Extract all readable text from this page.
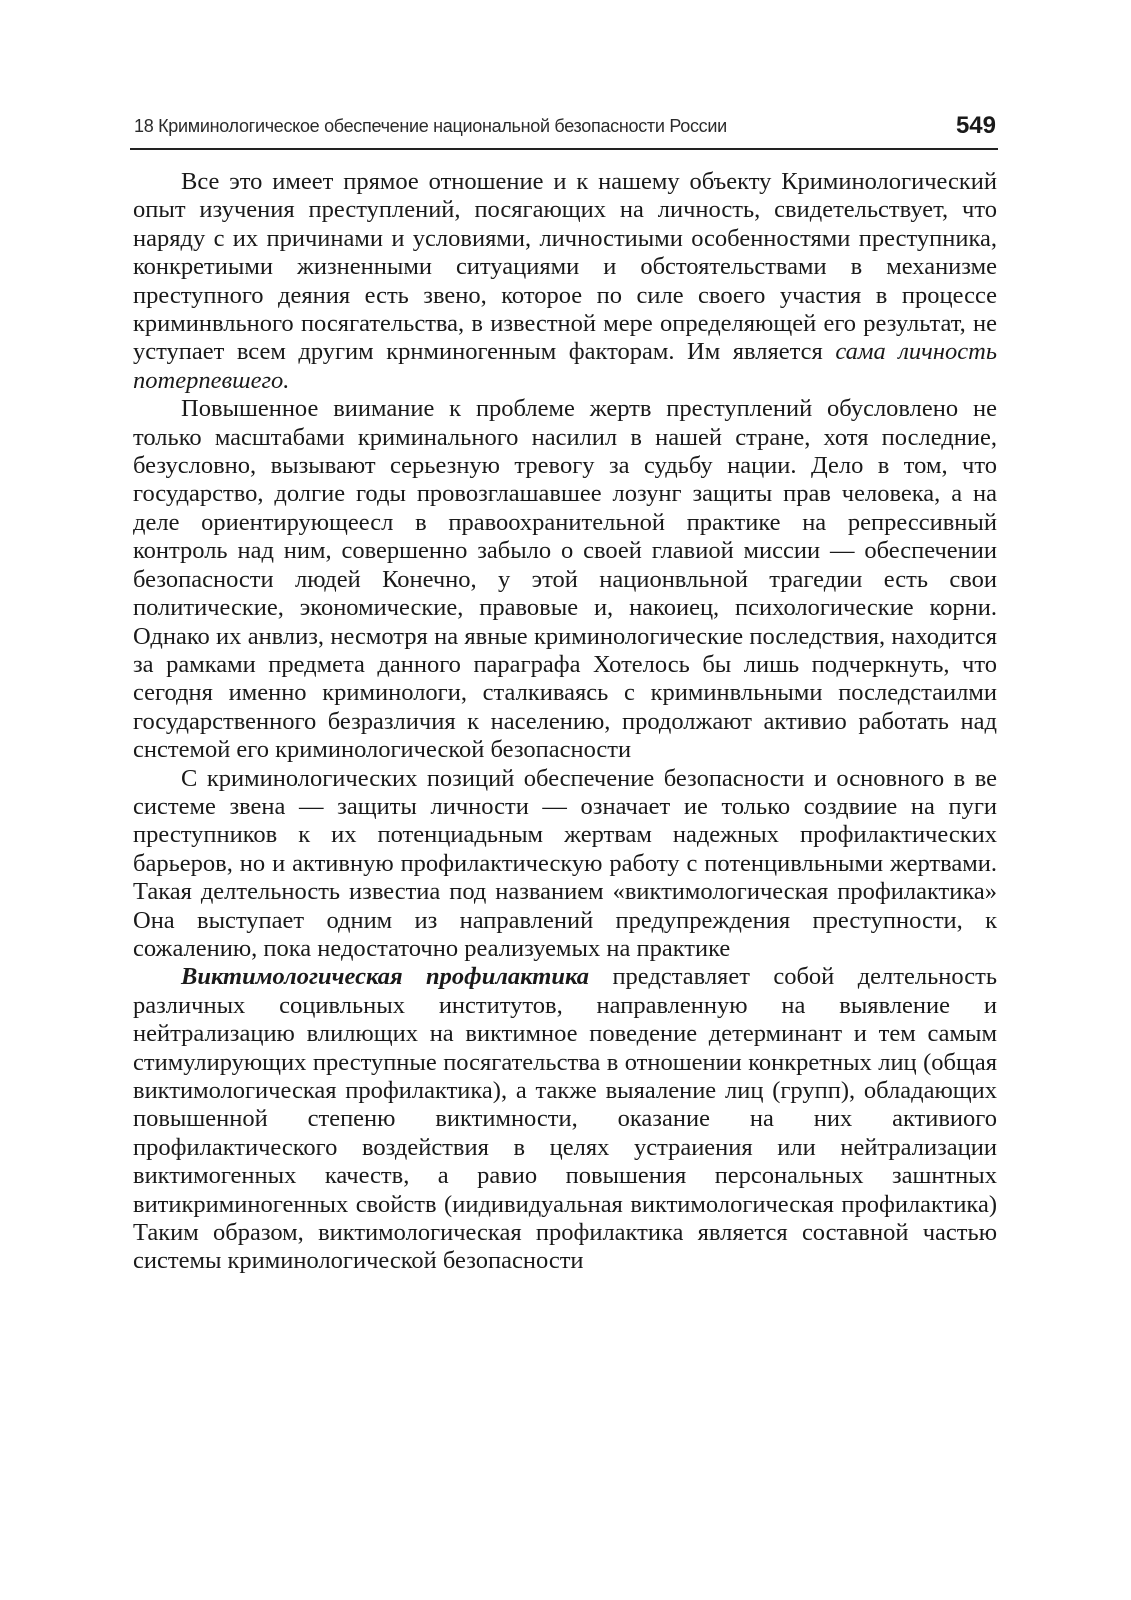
18 Криминологическое обеспечение национальной безопасности России	549

Все это имеет прямое отношение и к нашему объекту Криминологический опыт изучения преступлений, посягающих на личность, свидетельствует, что наряду с их причинами и условиями, личностиыми особенностями преступника, конкретиыми жизненными ситуациями и обстоятельствами в механизме преступного деяния есть звено, которое по силе своего участия в процессе криминвльного посягательства, в известной мере определяющей его результат, не уступает всем другим крнминогенным факторам. Им является сама личность потерпевшего.

Повышенное виимание к проблеме жертв преступлений обусловлено не только масштабами криминального насилил в нашей стране, хотя последние, безусловно, вызывают серьезную тревогу за судьбу нации. Дело в том, что государство, долгие годы провозглашавшее лозунг защиты прав человека, а на деле ориентирующеесл в правоохранительной практике на репрессивный контроль над ним, совершенно забыло о своей главиой миссии — обеспечении безопасности людей Конечно, у этой национвльной трагедии есть свои политические, экономические, правовые и, накоиец, психологические корни. Однако их анвлиз, несмотря на явные криминологические последствия, находится за рамками предмета данного параграфа Хотелось бы лишь подчеркнуть, что сегодня именно криминологи, сталкиваясь с криминвльными последстаилми государственного безразличия к населению, продолжают активио работать над снстемой его криминологической безопасности

С криминологических позиций обеспечение безопасности и основного в ве системе звена — защиты личности — означает ие только создвиие на пуги преступников к их потенциадьным жертвам надежных профилактических барьеров, но и активную профилактическую работу с потенцивльными жертвами. Такая делтельность известиа под названием «виктимологическая профилактика» Она выступает одним из направлений предупреждения преступности, к сожалению, пока недостаточно реализуемых на практике

Виктимологическая профилактика представляет собой делтельность различных социвльных институтов, направленную на выявление и нейтрализацию влилющих на виктимное поведение детерминант и тем самым стимулирующих преступные посягательства в отношении конкретных лиц (общая виктимологическая профилактика), а также выяаление лиц (групп), обладающих повышенной степеню виктимности, оказание на них активиого профилактического воздействия в целях устраиения или нейтрализации виктимогенных качеств, а равио повышения персональных зашнтных витикриминогенных свойств (иидивидуальная виктимологическая профилактика) Таким образом, виктимологическая профилактика является составной частью системы криминологической безопасности
